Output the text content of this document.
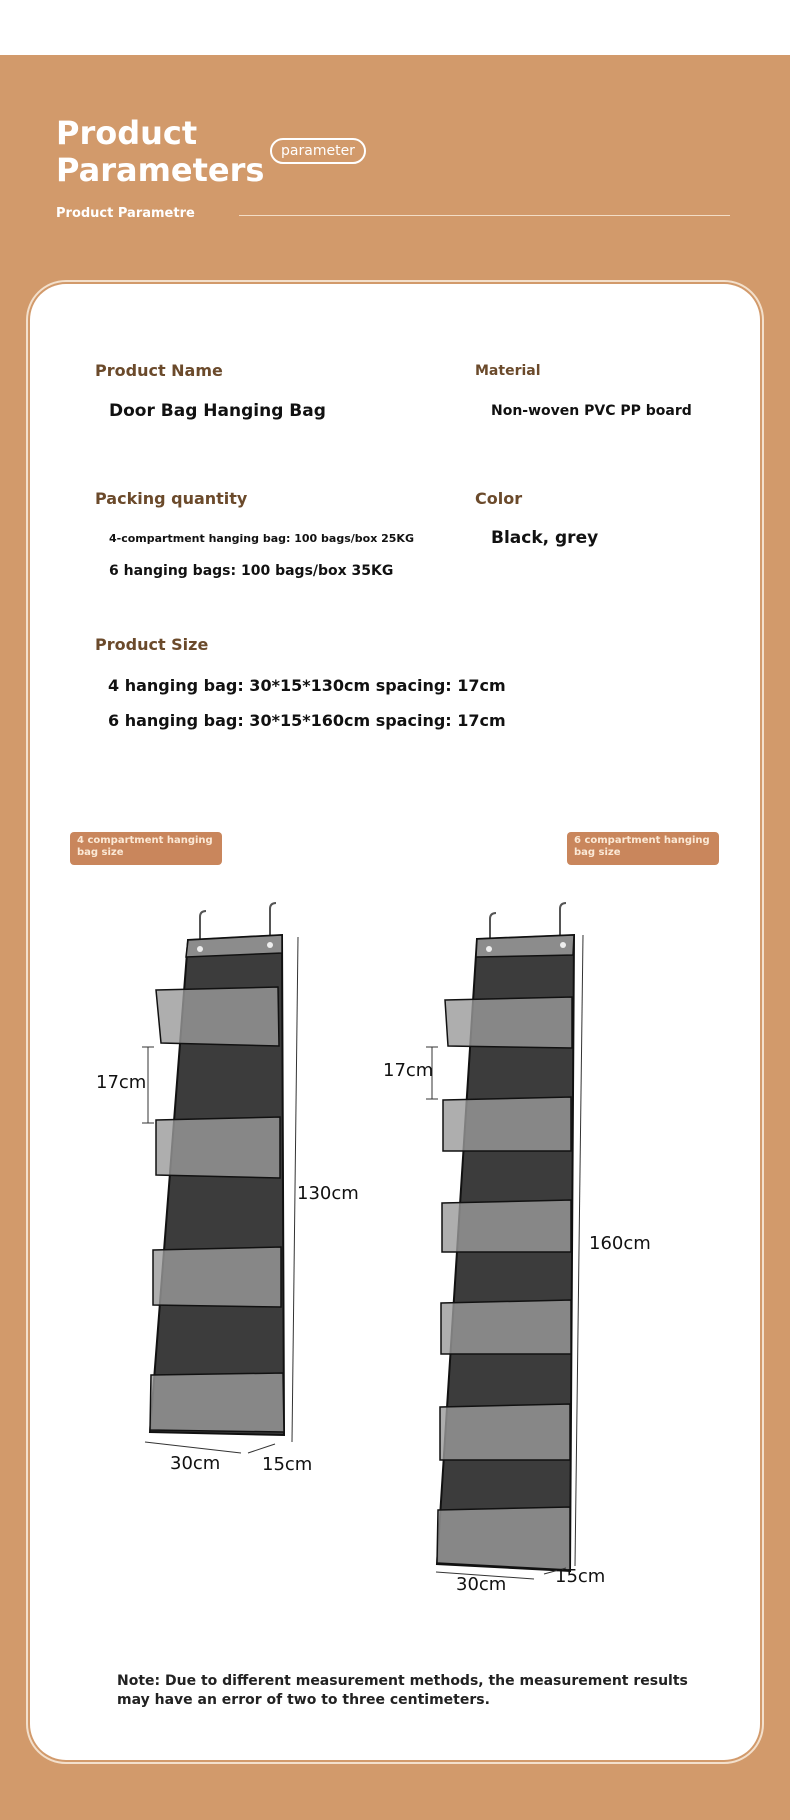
Product
Parameters	parameter
Product Parametre
Product Name
Door Bag Hanging Bag
Material
Non-woven PVC PP board
Packing quantity
4-compartment hanging bag: 100 bags/box 25KG
6 hanging bags: 100 bags/box 35KG
Color
Black, grey
Product Size
4 hanging bag: 30*15*130cm spacing: 17cm
6 hanging bag: 30*15*160cm spacing: 17cm
4 compartment hanging bag size
6 compartment hanging bag size
17cm
130cm
30cm 15cm
17cm
160cm
30cm	15cm
Note: Due to different measurement methods, the measurement results may have an error of two to three centimeters.
